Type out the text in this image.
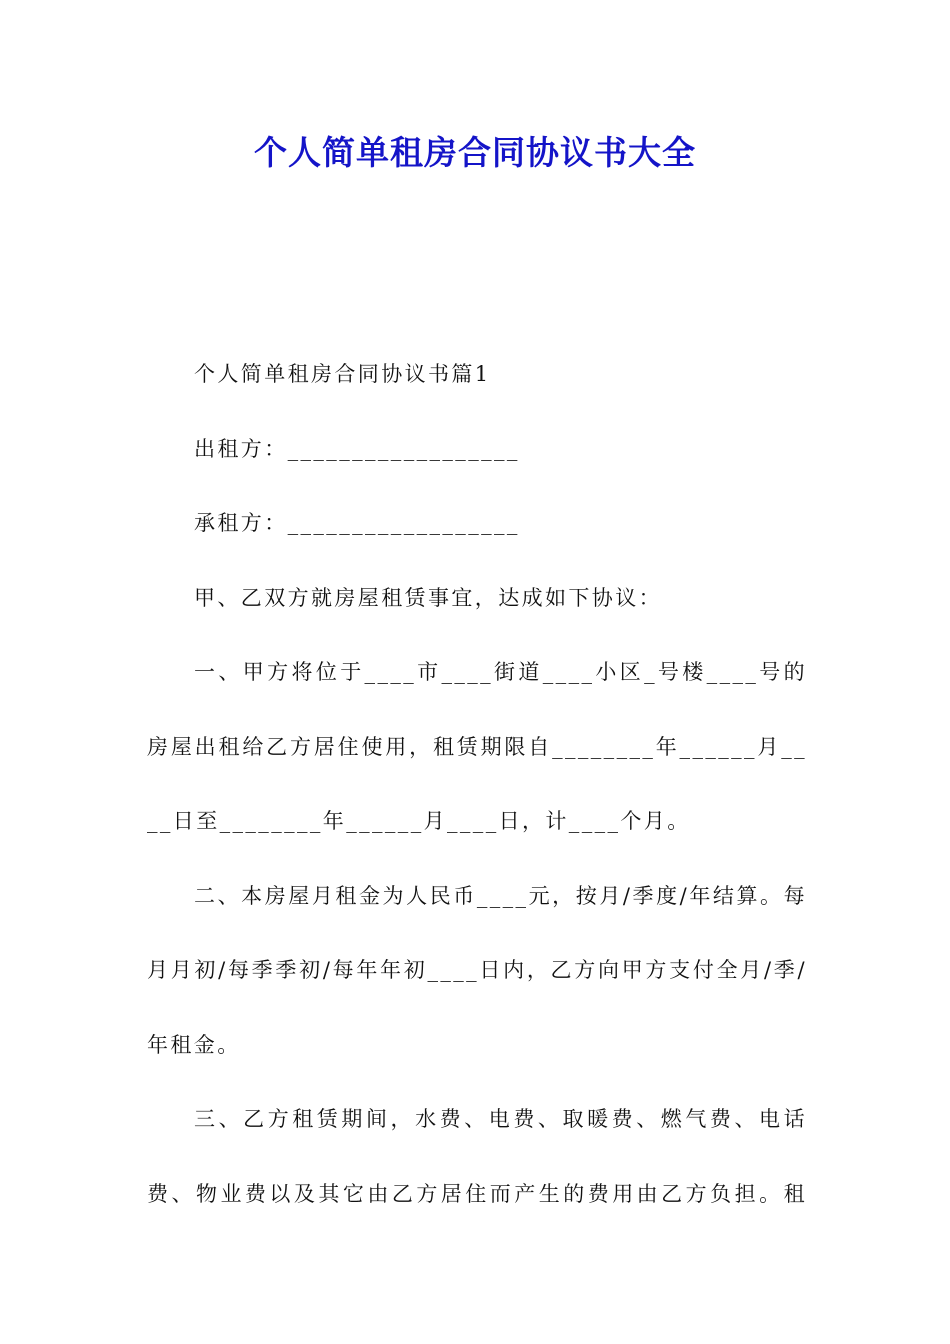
个人简单租房合同协议书大全

个人简单租房合同协议书篇1

出租方：__________________

承租方：__________________

甲、乙双方就房屋租赁事宜，达成如下协议：

一、甲方将位于____市____街道____小区_号楼____号的房屋出租给乙方居住使用，租赁期限自________年______月____日至________年______月____日，计____个月。

二、本房屋月租金为人民币____元，按月/季度/年结算。每月月初/每季季初/每年年初____日内，乙方向甲方支付全月/季/年租金。

三、乙方租赁期间，水费、电费、取暖费、燃气费、电话费、物业费以及其它由乙方居住而产生的费用由乙方负担。租
